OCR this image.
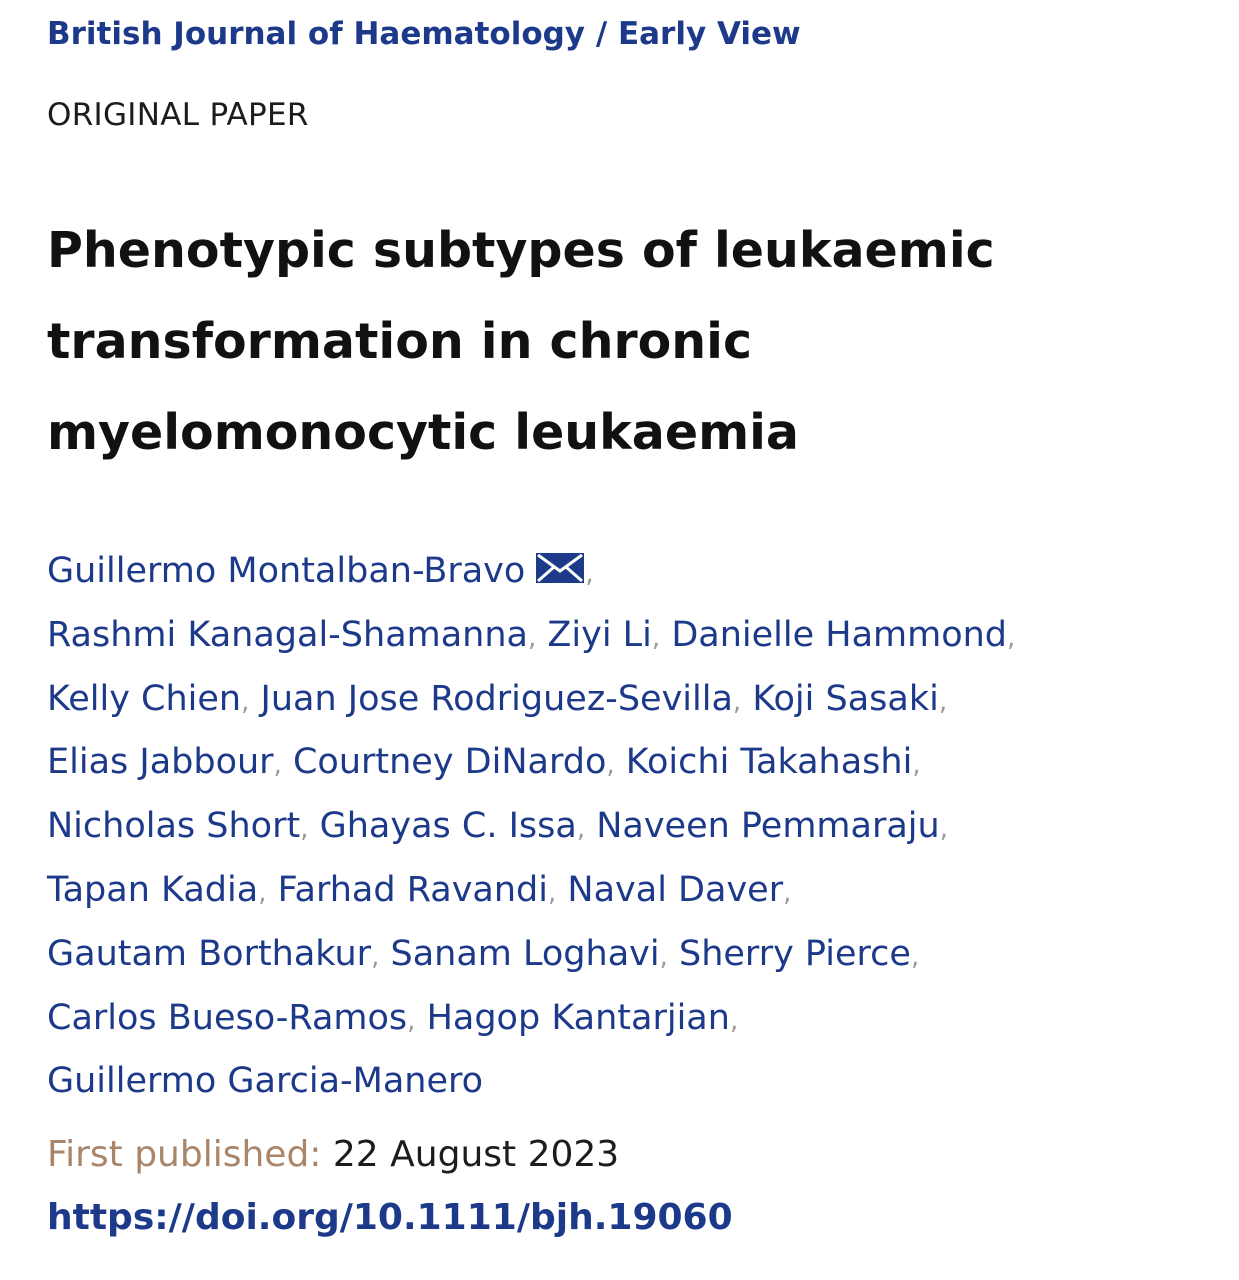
British Journal of Haematology / Early View
ORIGINAL PAPER
Phenotypic subtypes of leukaemic transformation in chronic myelomonocytic leukaemia
Guillermo Montalban-Bravo ,
Rashmi Kanagal-Shamanna, Ziyi Li, Danielle Hammond,
Kelly Chien, Juan Jose Rodriguez-Sevilla, Koji Sasaki,
Elias Jabbour, Courtney DiNardo, Koichi Takahashi,
Nicholas Short, Ghayas C. Issa, Naveen Pemmaraju,
Tapan Kadia, Farhad Ravandi, Naval Daver,
Gautam Borthakur, Sanam Loghavi, Sherry Pierce,
Carlos Bueso-Ramos, Hagop Kantarjian,
Guillermo Garcia-Manero
First published: 22 August 2023
https://doi.org/10.1111/bjh.19060
